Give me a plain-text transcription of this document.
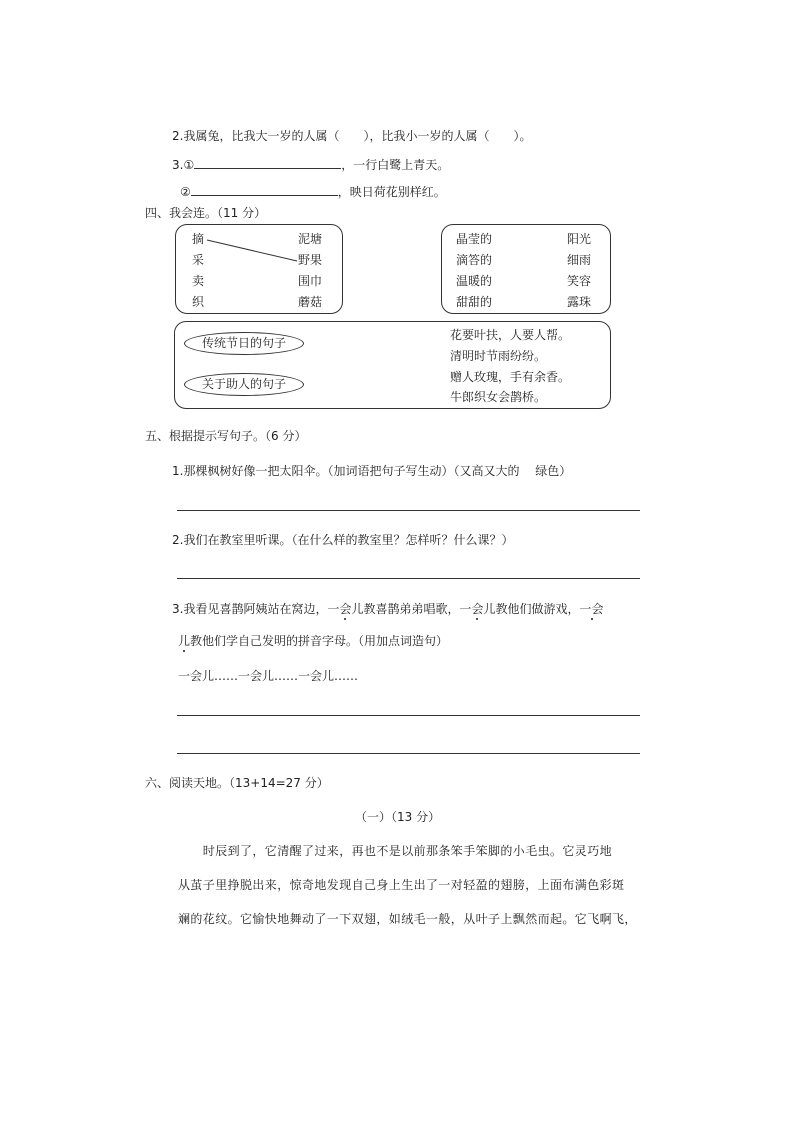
2.我属兔，比我大一岁的人属（　　），比我小一岁的人属（　　）。
3.①	，一行白鹭上青天。
②	，映日荷花别样红。
四、我会连。（11 分）
摘
采
卖
织
泥塘
野果
围巾
蘑菇
晶莹的
滴答的
温暖的
甜甜的
阳光
细雨
笑容
露珠
传统节日的句子
关于助人的句子
花要叶扶，人要人帮。
清明时节雨纷纷。
赠人玫瑰，手有余香。
牛郎织女会鹊桥。
五、根据提示写句子。（6 分）
1.那棵枫树好像一把太阳伞。（加词语把句子写生动）（又高又大的　 绿色）
2.我们在教室里听课。（在什么样的教室里？怎样听？什么课？）
3.我看见喜鹊阿姨站在窝边，一会儿教喜鹊弟弟唱歌，一会儿教他们做游戏，一会
儿教他们学自己发明的拼音字母。（用加点词造句）
一会儿……一会儿……一会儿……
六、阅读天地。（13+14=27 分）
（一）（13 分）
　　时辰到了，它清醒了过来，再也不是以前那条笨手笨脚的小毛虫。它灵巧地
从茧子里挣脱出来，惊奇地发现自己身上生出了一对轻盈的翅膀，上面布满色彩斑
斓的花纹。它愉快地舞动了一下双翅，如绒毛一般，从叶子上飘然而起。它飞啊飞，
